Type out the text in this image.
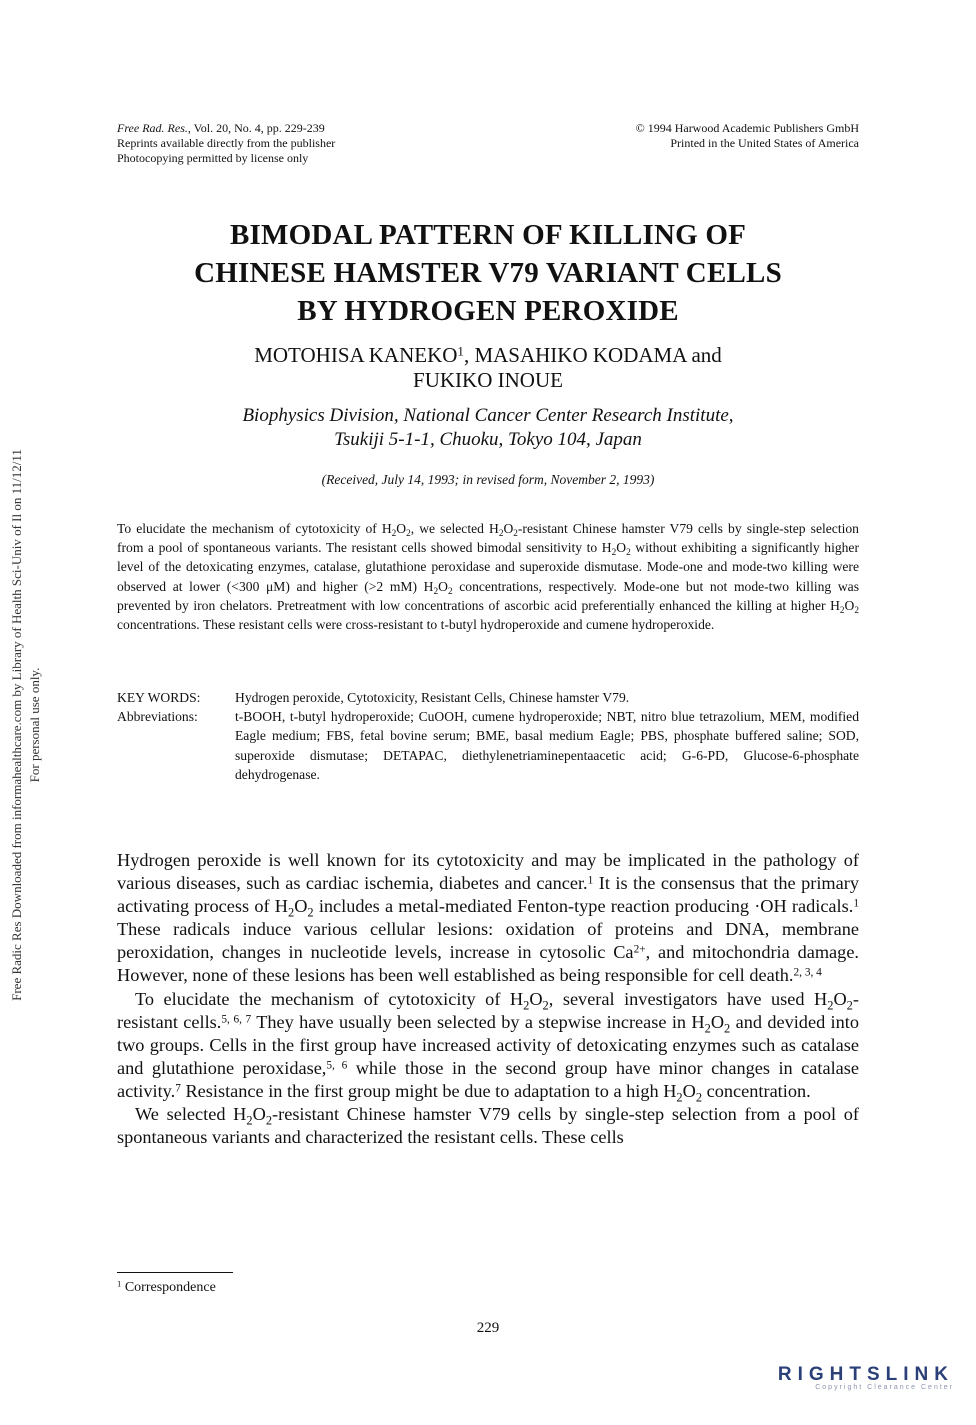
Free Rad. Res., Vol. 20, No. 4, pp. 229-239
Reprints available directly from the publisher
Photocopying permitted by license only
© 1994 Harwood Academic Publishers GmbH
Printed in the United States of America
Free Radic Res Downloaded from informahealthcare.com by Library of Health Sci-Univ of Il on 11/12/11 For personal use only.
BIMODAL PATTERN OF KILLING OF
CHINESE HAMSTER V79 VARIANT CELLS
BY HYDROGEN PEROXIDE
MOTOHISA KANEKO$^1$, MASAHIKO KODAMA and
FUKIKO INOUE
Biophysics Division, National Cancer Center Research Institute,
Tsukiji 5-1-1, Chuoku, Tokyo 104, Japan
(Received, July 14, 1993; in revised form, November 2, 1993)
To elucidate the mechanism of cytotoxicity of $H_2O_2$, we selected $H_2O_2$-resistant Chinese hamster V79 cells by single-step selection from a pool of spontaneous variants. The resistant cells showed bimodal sensitivity to $H_2O_2$ without exhibiting a significantly higher level of the detoxicating enzymes, catalase, glutathione peroxidase and superoxide dismutase. Mode-one and mode-two killing were observed at lower (<300 μM) and higher (>2 mM) $H_2O_2$ concentrations, respectively. Mode-one but not mode-two killing was prevented by iron chelators. Pretreatment with low concentrations of ascorbic acid preferentially enhanced the killing at higher $H_2O_2$ concentrations. These resistant cells were cross-resistant to t-butyl hydroperoxide and cumene hydroperoxide.
KEY WORDS:	Hydrogen peroxide, Cytotoxicity, Resistant Cells, Chinese hamster V79.
Abbreviations:	t-BOOH, t-butyl hydroperoxide; CuOOH, cumene hydroperoxide; NBT, nitro blue tetrazolium, MEM, modified Eagle medium; FBS, fetal bovine serum; BME, basal medium Eagle; PBS, phosphate buffered saline; SOD, superoxide dismutase; DETAPAC, diethylenetriaminepentaacetic acid; G-6-PD, Glucose-6-phosphate dehydrogenase.

Hydrogen peroxide is well known for its cytotoxicity and may be implicated in the pathology of various diseases, such as cardiac ischemia, diabetes and cancer.$^1$ It is the consensus that the primary activating process of $H_2O_2$ includes a metal-mediated Fenton-type reaction producing ·OH radicals.$^1$ These radicals induce various cellular lesions: oxidation of proteins and DNA, membrane peroxidation, changes in nucleotide levels, increase in cytosolic $Ca^{2+}$, and mitochondria damage. However, none of these lesions has been well established as being responsible for cell death.$^{2, 3, 4}$

To elucidate the mechanism of cytotoxicity of $H_2O_2$, several investigators have used $H_2O_2$-resistant cells.$^{5, 6, 7}$ They have usually been selected by a stepwise increase in $H_2O_2$ and devided into two groups. Cells in the first group have increased activity of detoxicating enzymes such as catalase and glutathione peroxidase,$^{5, 6}$ while those in the second group have minor changes in catalase activity.$^7$ Resistance in the first group might be due to adaptation to a high $H_2O_2$ concentration.

We selected $H_2O_2$-resistant Chinese hamster V79 cells by single-step selection from a pool of spontaneous variants and characterized the resistant cells. These cells

$^1$ Correspondence
229
RIGHTSLINK
Copyright Clearance Center
